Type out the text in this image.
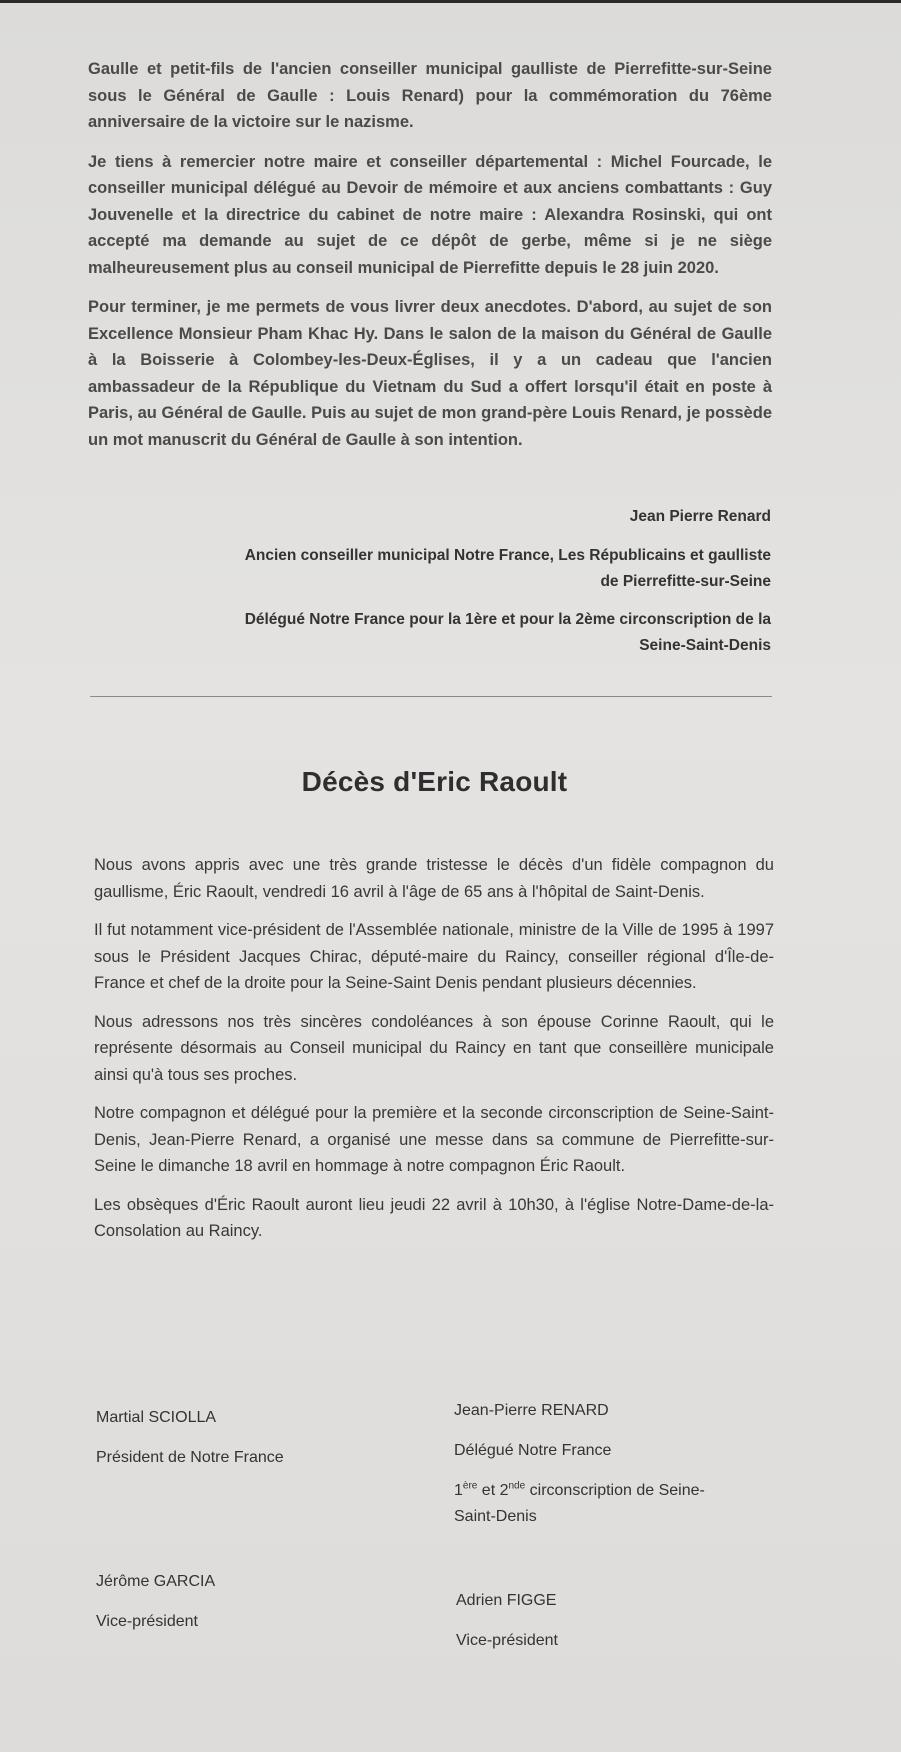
Gaulle et petit-fils de l'ancien conseiller municipal gaulliste de Pierrefitte-sur-Seine sous le Général de Gaulle : Louis Renard) pour la commémoration du 76ème anniversaire de la victoire sur le nazisme.

Je tiens à remercier notre maire et conseiller départemental : Michel Fourcade, le conseiller municipal délégué au Devoir de mémoire et aux anciens combattants : Guy Jouvenelle et la directrice du cabinet de notre maire : Alexandra Rosinski, qui ont accepté ma demande au sujet de ce dépôt de gerbe, même si je ne siège malheureusement plus au conseil municipal de Pierrefitte depuis le 28 juin 2020.

Pour terminer, je me permets de vous livrer deux anecdotes. D'abord, au sujet de son Excellence Monsieur Pham Khac Hy. Dans le salon de la maison du Général de Gaulle à la Boisserie à Colombey-les-Deux-Églises, il y a un cadeau que l'ancien ambassadeur de la République du Vietnam du Sud a offert lorsqu'il était en poste à Paris, au Général de Gaulle. Puis au sujet de mon grand-père Louis Renard, je possède un mot manuscrit du Général de Gaulle à son intention.

Jean Pierre Renard
Ancien conseiller municipal Notre France, Les Républicains et gaulliste de Pierrefitte-sur-Seine
Délégué Notre France pour la 1ère et pour la 2ème circonscription de la Seine-Saint-Denis
Décès d'Eric Raoult

Nous avons appris avec une très grande tristesse le décès d'un fidèle compagnon du gaullisme, Éric Raoult, vendredi 16 avril à l'âge de 65 ans à l'hôpital de Saint-Denis.

Il fut notamment vice-président de l'Assemblée nationale, ministre de la Ville de 1995 à 1997 sous le Président Jacques Chirac, député-maire du Raincy, conseiller régional d'Île-de-France et chef de la droite pour la Seine-Saint Denis pendant plusieurs décennies.

Nous adressons nos très sincères condoléances à son épouse Corinne Raoult, qui le représente désormais au Conseil municipal du Raincy en tant que conseillère municipale ainsi qu'à tous ses proches.

Notre compagnon et délégué pour la première et la seconde circonscription de Seine-Saint-Denis, Jean-Pierre Renard, a organisé une messe dans sa commune de Pierrefitte-sur-Seine le dimanche 18 avril en hommage à notre compagnon Éric Raoult.

Les obsèques d'Éric Raoult auront lieu jeudi 22 avril à 10h30, à l'église Notre-Dame-de-la-Consolation au Raincy.

Martial SCIOLLA
Président de Notre France
Jean-Pierre RENARD
Délégué Notre France
1ère et 2nde circonscription de Seine-
Saint-Denis
Jérôme GARCIA
Vice-président
Adrien FIGGE
Vice-président
